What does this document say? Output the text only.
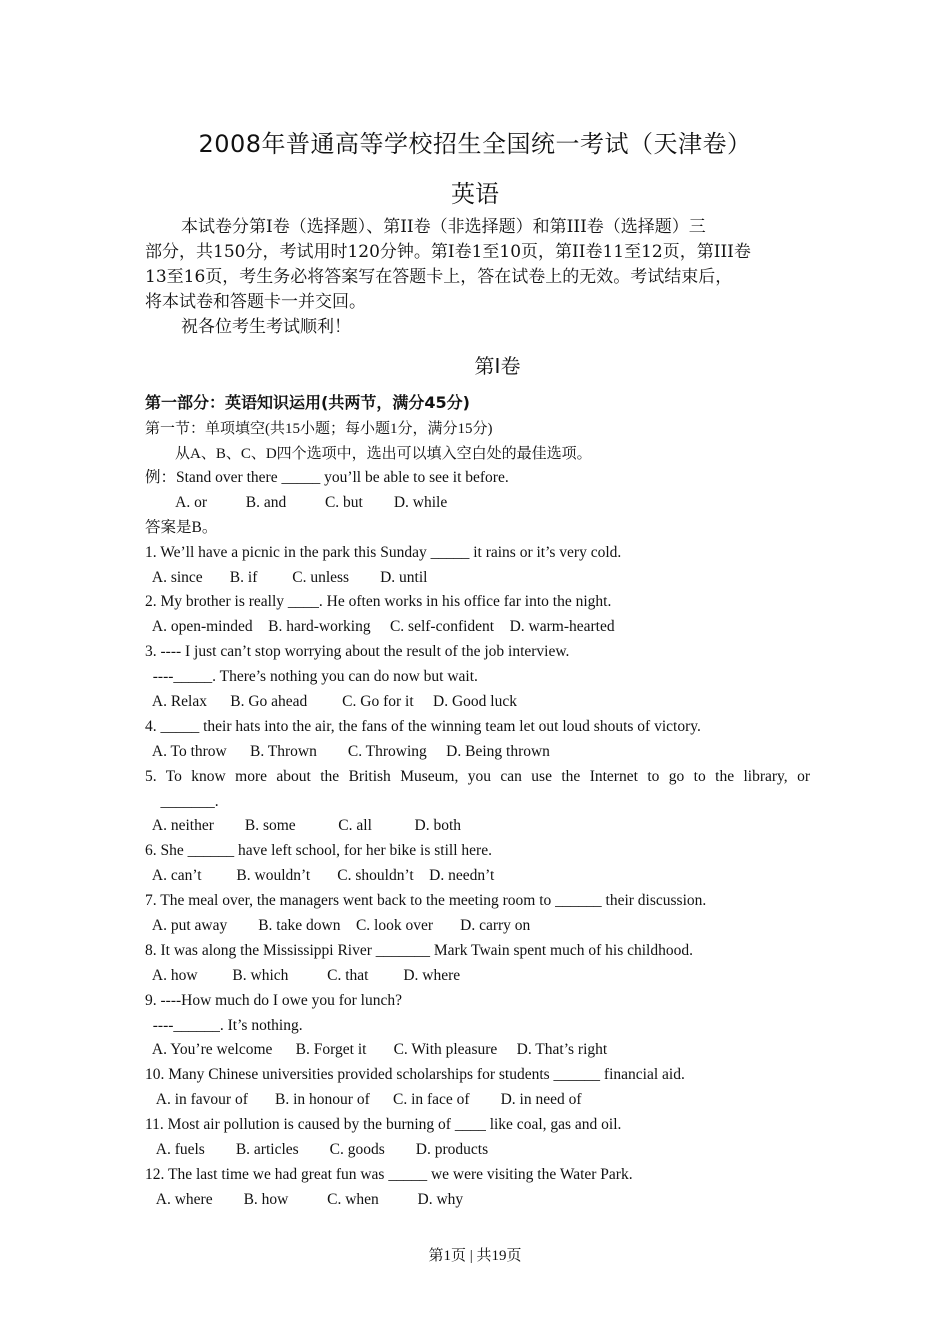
2008年普通高等学校招生全国统一考试（天津卷）
英语

本试卷分第I卷（选择题）、第II卷（非选择题）和第III卷（选择题）三

部分，共150分，考试用时120分钟。第I卷1至10页，第II卷11至12页，第III卷

13至16页，考生务必将答案写在答题卡上，答在试卷上的无效。考试结束后，

将本试卷和答题卡一并交回。

祝各位考生考试顺利！

第I卷
第一部分：英语知识运用(共两节，满分45分)
第一节：单项填空(共15小题；每小题1分，满分15分)
从A、B、C、D四个选项中，选出可以填入空白处的最佳选项。
例：Stand over there _____ you’ll be able to see it before.
A. or          B. and          C. but        D. while
答案是B。
1. We’ll have a picnic in the park this Sunday _____ it rains or it’s very cold.
A. since       B. if         C. unless        D. until
2. My brother is really ____. He often works in his office far into the night.
A. open-minded    B. hard-working     C. self-confident    D. warm-hearted
3. ---- I just can’t stop worrying about the result of the job interview.
----_____. There’s nothing you can do now but wait.
A. Relax      B. Go ahead         C. Go for it     D. Good luck
4. _____ their hats into the air, the fans of the winning team let out loud shouts of victory.
A. To throw      B. Thrown        C. Throwing     D. Being thrown
5. To know more about the British Museum, you can use the Internet to go to the library, or
_______.
A. neither        B. some           C. all           D. both
6. She ______ have left school, for her bike is still here.
A. can’t         B. wouldn’t       C. shouldn’t    D. needn’t
7. The meal over, the managers went back to the meeting room to ______ their discussion.
A. put away        B. take down    C. look over       D. carry on
8. It was along the Mississippi River _______ Mark Twain spent much of his childhood.
A. how         B. which          C. that         D. where
9. ----How much do I owe you for lunch?
----______. It’s nothing.
A. You’re welcome      B. Forget it       C. With pleasure     D. That’s right
10. Many Chinese universities provided scholarships for students ______ financial aid.
A. in favour of       B. in honour of      C. in face of        D. in need of
11. Most air pollution is caused by the burning of ____ like coal, gas and oil.
A. fuels        B. articles        C. goods        D. products
12. The last time we had great fun was _____ we were visiting the Water Park.
A. where        B. how          C. when          D. why
第1页 | 共19页
